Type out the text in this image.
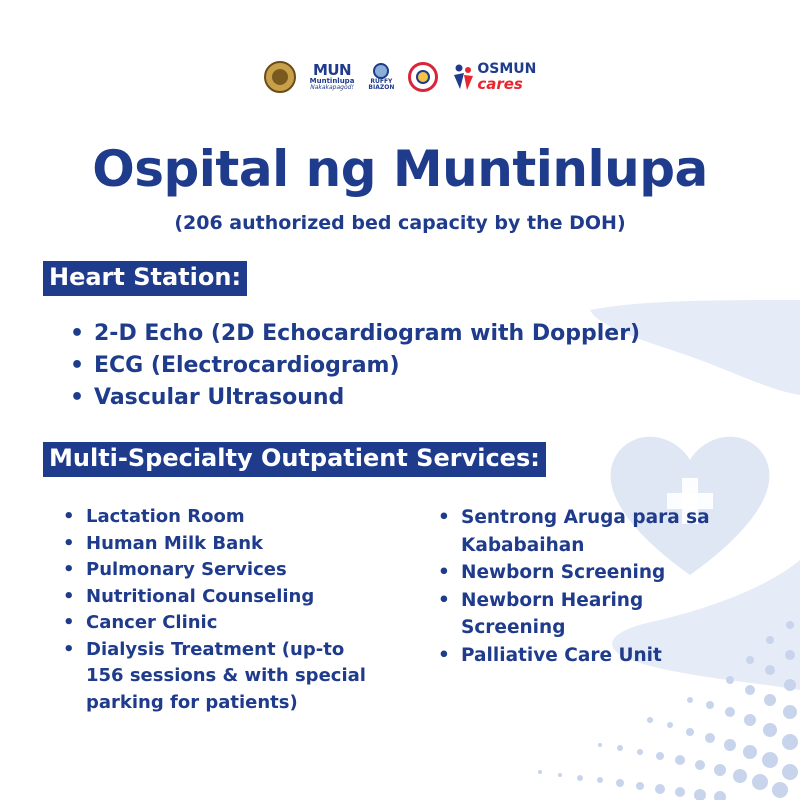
MUN
Muntinlupa
Nakakapagod!
RUFFY
BIAZON
OSMUN
cares
Ospital ng Muntinlupa
(206 authorized bed capacity by the DOH)
Heart Station:
• 2-D Echo (2D Echocardiogram with Doppler)
• ECG (Electrocardiogram)
• Vascular Ultrasound
Multi-Specialty Outpatient Services:
• Lactation Room
• Human Milk Bank
• Pulmonary Services
• Nutritional Counseling
• Cancer Clinic
• Dialysis Treatment (up-to 156 sessions & with special parking for patients)
• Sentrong Aruga para sa Kababaihan
• Newborn Screening
• Newborn Hearing Screening
• Palliative Care Unit
